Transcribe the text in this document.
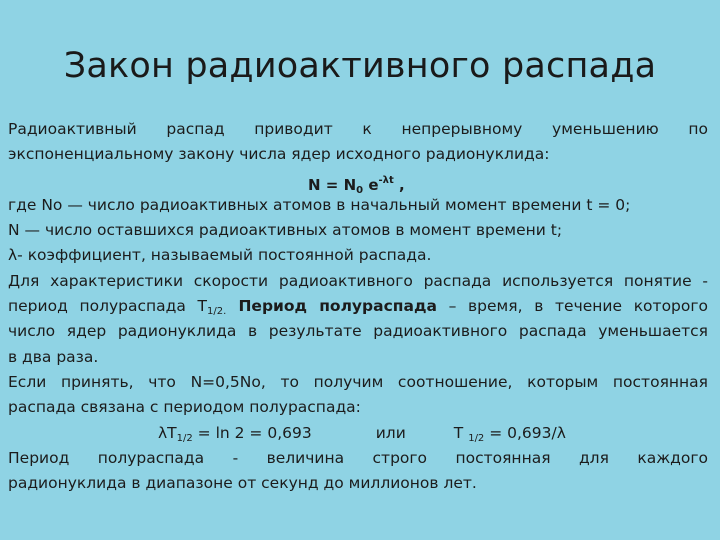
Закон радиоактивного распада
Радиоактивный распад приводит к непрерывному уменьшению по
экспоненциальному закону числа ядер исходного радионуклида:
$N = N_0$ $e^{-\lambda t}$ ,
где No — число радиоактивных атомов в начальный момент времени t = 0;
N — число оставшихся радиоактивных атомов в момент времени t;
λ- коэффициент, называемый постоянной распада.
Для характеристики скорости радиоактивного распада используется понятие -
период полураспада $Т_{1/2.}$ Период полураспада – время, в течение которого
число ядер радионуклида в результате радиоактивного распада уменьшается
в два раза.
Если принять, что N=0,5No, то получим соотношение, которым постоянная
распада связана с периодом полураспада:
$\lambda Т_{1/2} = \ln 2 = 0,693$	или	Т $_{1/2}$ = 0,693/λ
Период полураспада - величина строго постоянная для каждого
радионуклида в диапазоне от секунд до миллионов лет.
